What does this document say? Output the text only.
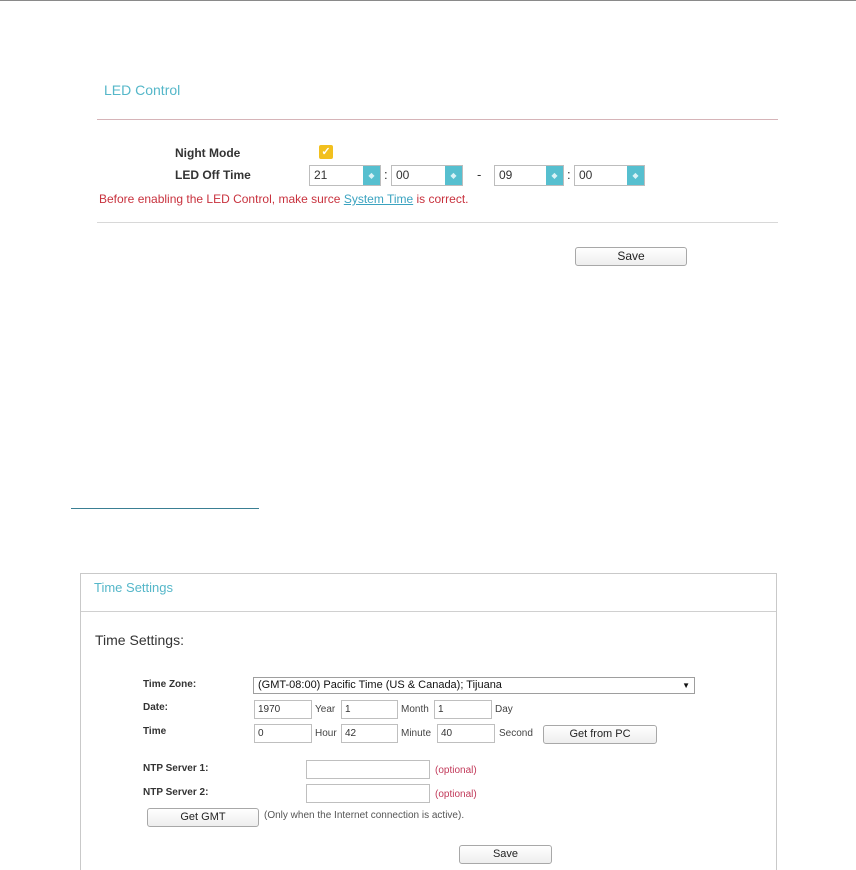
LED Control
Night Mode	✓
LED Off Time	21	◆ : 00	◆	-	09	◆ : 00	◆
Before enabling the LED Control, make surce System Time is correct.
Save
Time Settings
Time Settings:
Time Zone:	(GMT-08:00) Pacific Time (US & Canada); Tijuana	▼
Date:	1970	Year 1	Month 1	Day
Time	0	Hour 42	Minute 40	Second	Get from PC
NTP Server 1:	(optional)
NTP Server 2:	(optional)
Get GMT	(Only when the Internet connection is active).
Save
